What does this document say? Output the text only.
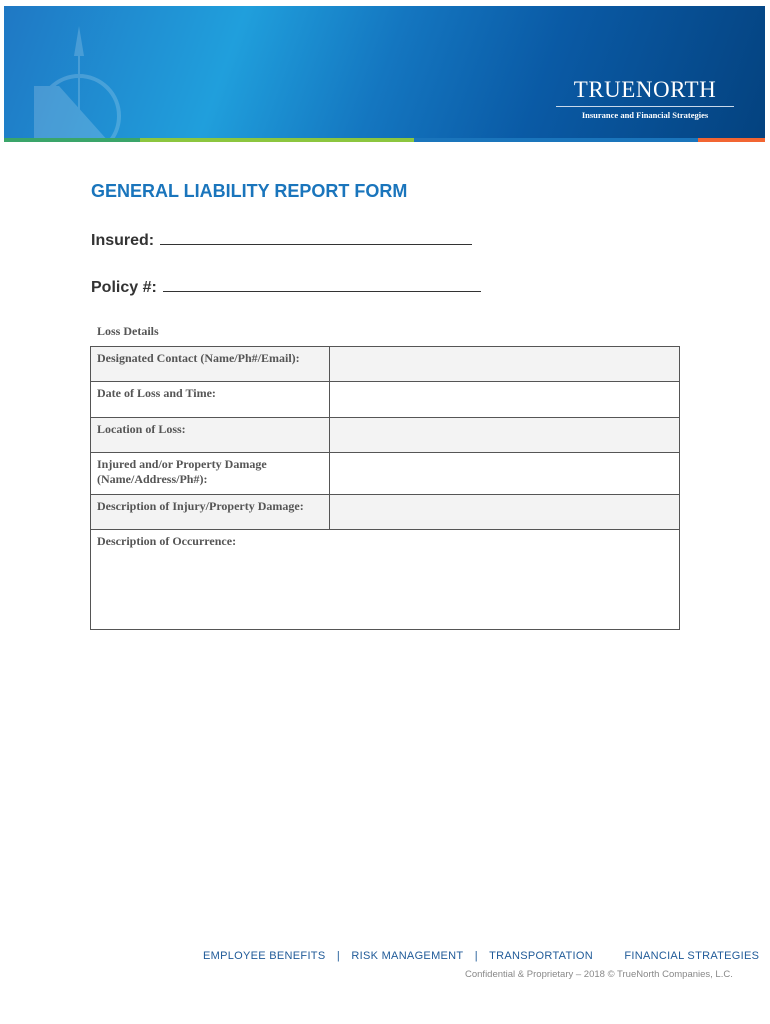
TRUENORTH
Insurance and Financial Strategies
GENERAL LIABILITY REPORT FORM
Insured:
Policy #:
Loss Details
Designated Contact (Name/Ph#/Email):	
Date of Loss and Time:	
Location of Loss:	
Injured and/or Property Damage (Name/Address/Ph#):	
Description of Injury/Property Damage:	
Description of Occurrence:	
EMPLOYEE BENEFITS | RISK MANAGEMENT | TRANSPORTATION	FINANCIAL STRATEGIES
Confidential & Proprietary – 2018 © TrueNorth Companies, L.C.
